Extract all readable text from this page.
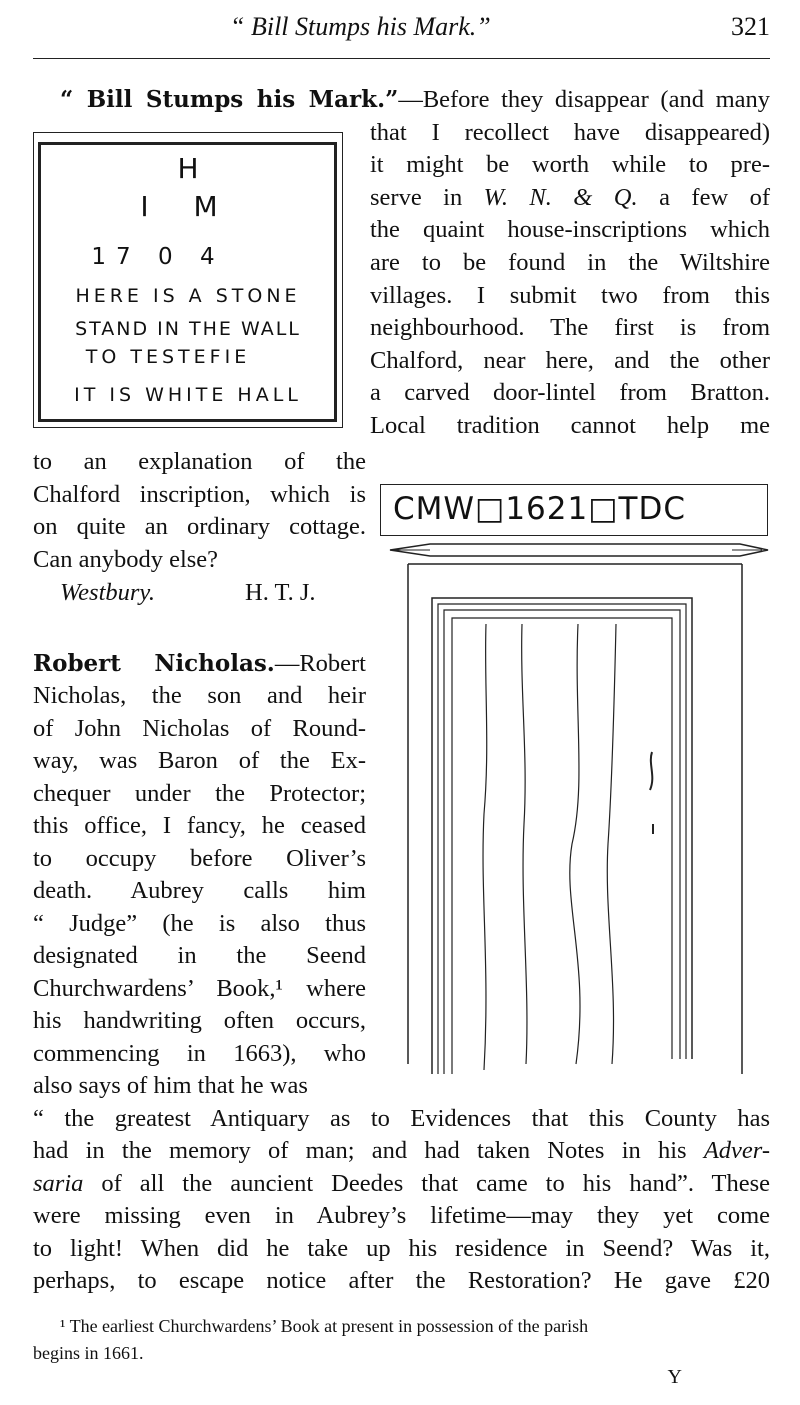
“ Bill Stumps his Mark.”	321
“ Bill Stumps his Mark.”—Before they disappear (and many
H
I M
17 0 4
HERE IS A STONE
STAND IN THE WALL
TO TESTEFIE
IT IS WHITE HALL
that I recollect have disappeared)
it might be worth while to pre-
serve in W. N. & Q. a few of
the quaint house-inscriptions which
are to be found in the Wiltshire
villages. I submit two from this
neighbourhood. The first is from
Chalford, near here, and the other
a carved door-lintel from Bratton.
Local tradition cannot help me
to an explanation of the
Chalford inscription, which is
on quite an ordinary cottage.
Can anybody else?
Westbury.	H. T. J.
CMW□1621□TDC
Robert Nicholas.—Robert
Nicholas, the son and heir
of John Nicholas of Round-
way, was Baron of the Ex-
chequer under the Protector;
this office, I fancy, he ceased
to occupy before Oliver’s
death. Aubrey calls him
“ Judge” (he is also thus
designated in the Seend
Churchwardens’ Book,¹ where
his handwriting often occurs,
commencing in 1663), who
also says of him that he was
“ the greatest Antiquary as to Evidences that this County has
had in the memory of man; and had taken Notes in his Adver-
saria of all the auncient Deedes that came to his hand”. These
were missing even in Aubrey’s lifetime—may they yet come
to light! When did he take up his residence in Seend? Was it,
perhaps, to escape notice after the Restoration? He gave £20
¹ The earliest Churchwardens’ Book at present in possession of the parish
begins in 1661.
Y
